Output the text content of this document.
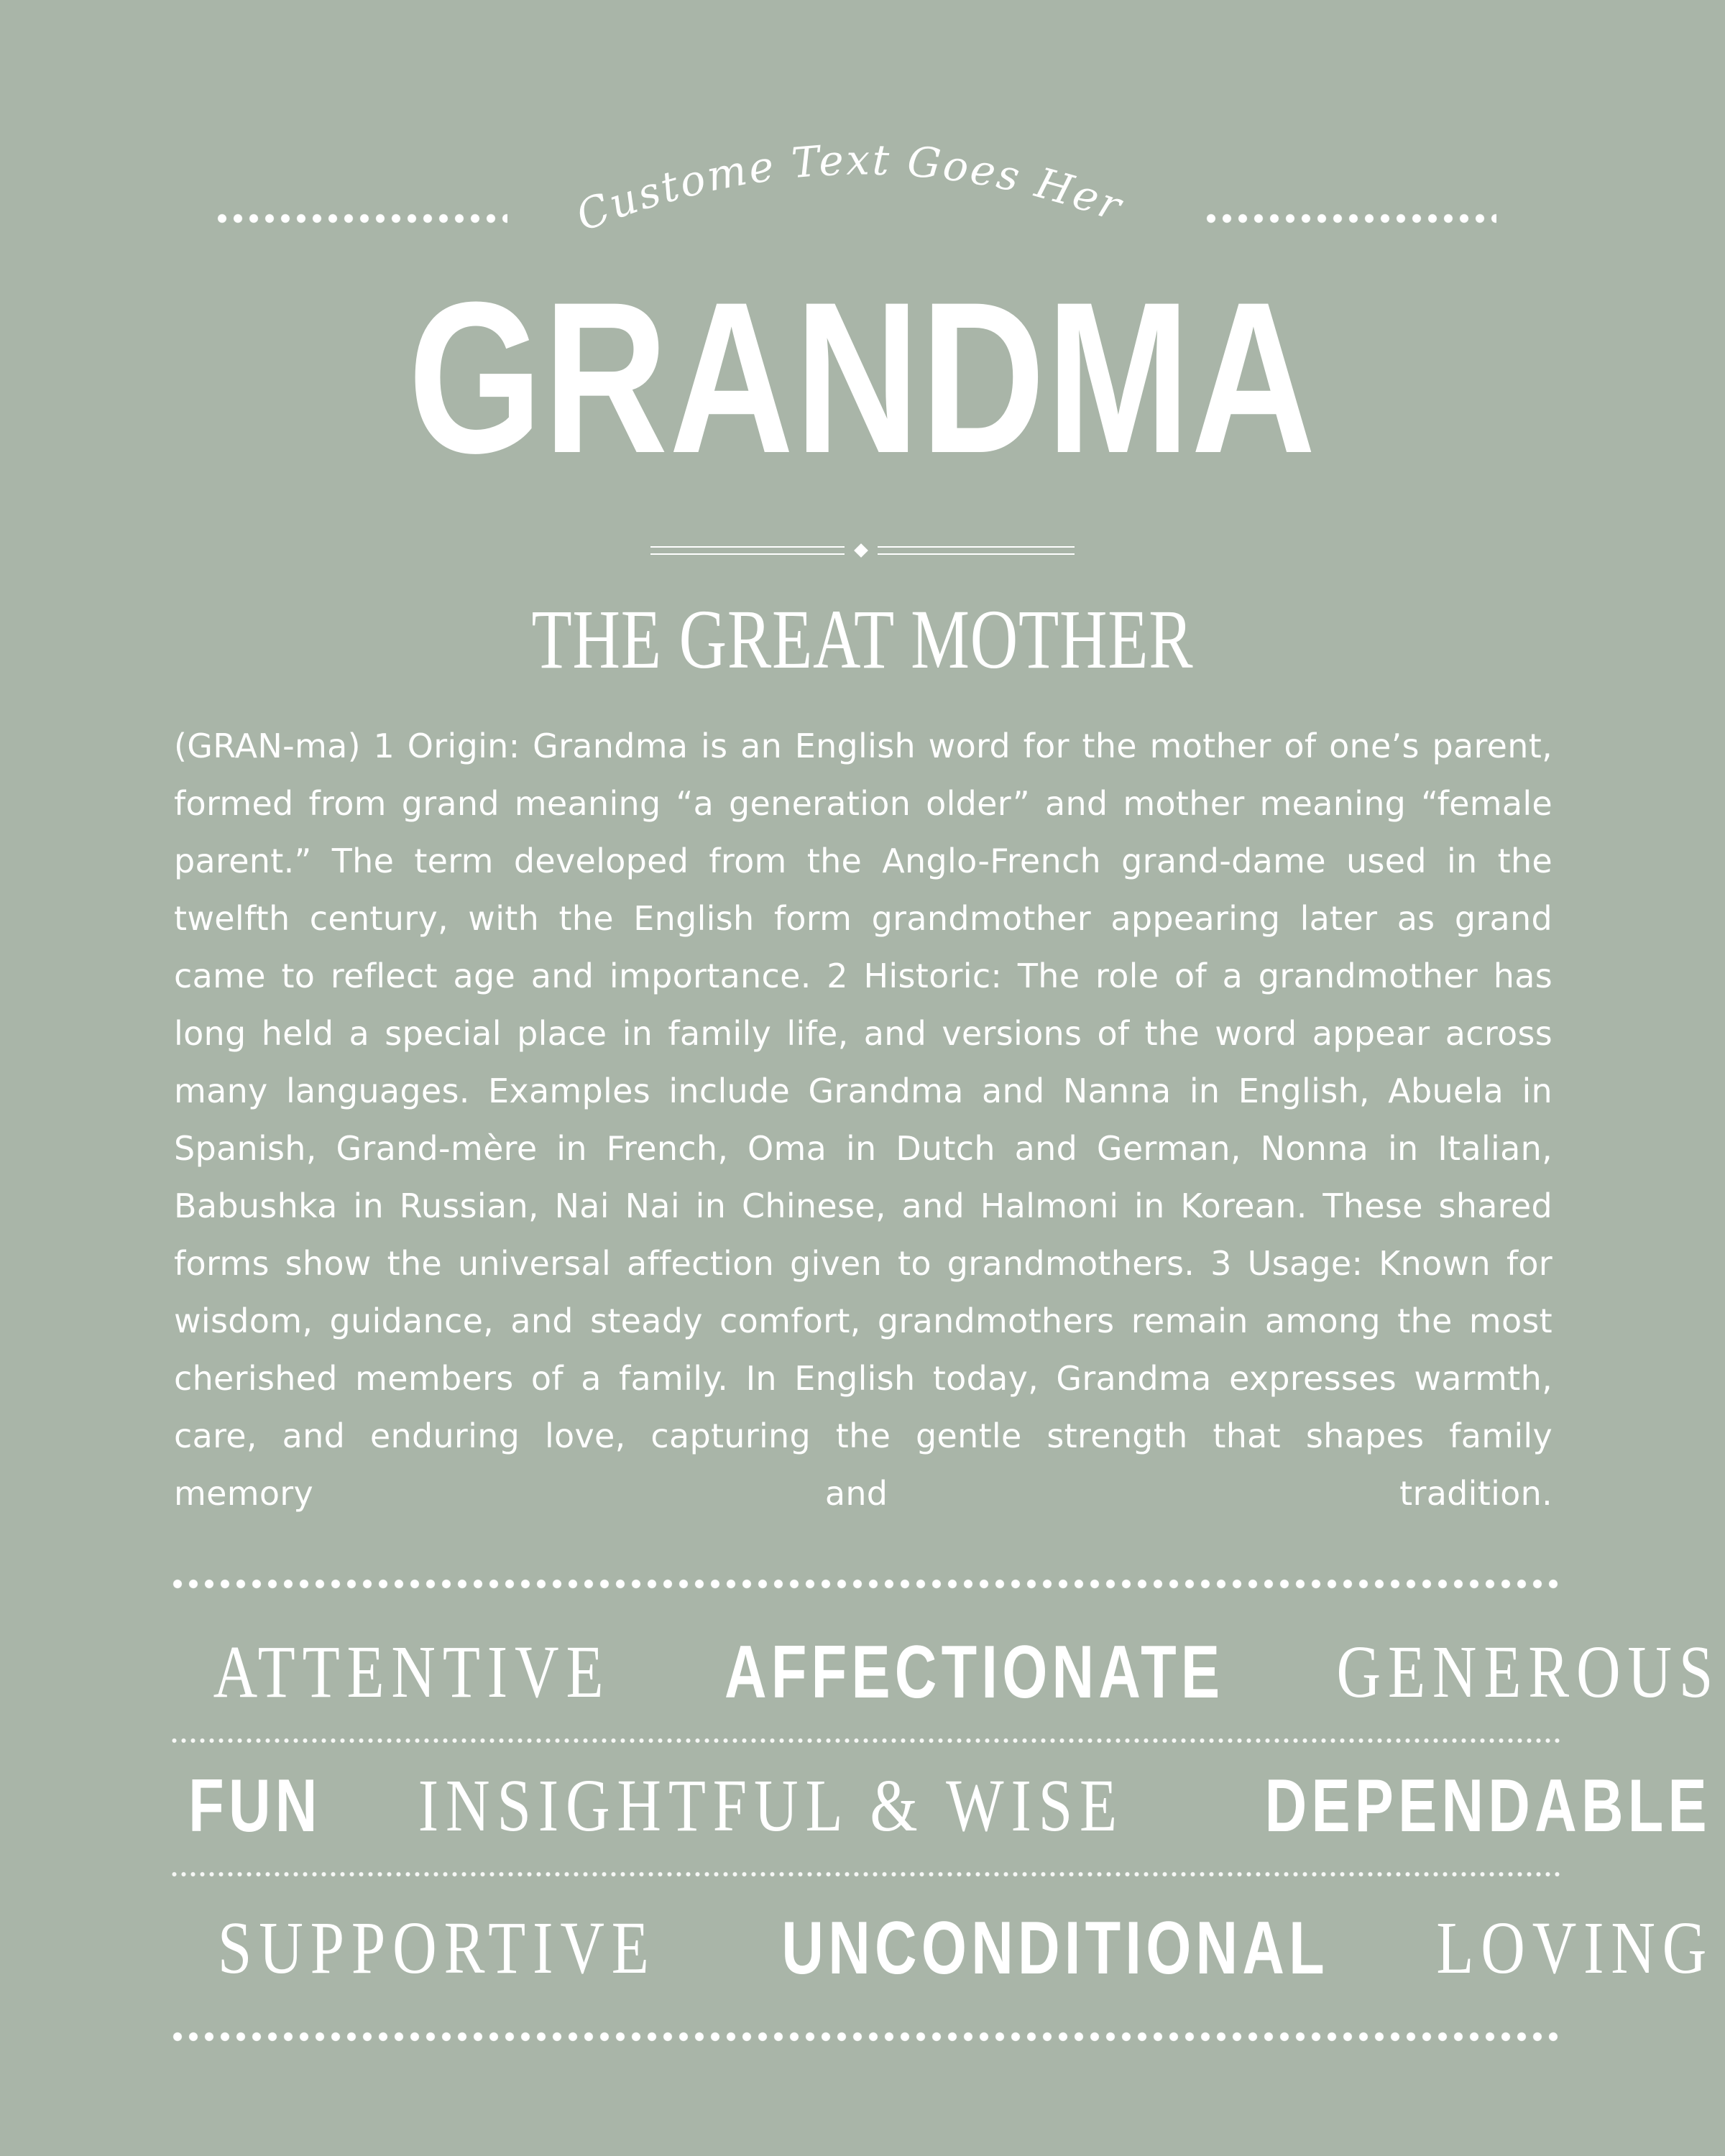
Custome Text Goes Here
GRANDMA
THE GREAT MOTHER
(GRAN-ma) 1 Origin: Grandma is an English word for the mother of one’s parent, formed from grand meaning “a generation older” and mother meaning “female parent.” The term developed from the Anglo-French grand-dame used in the twelfth century, with the English form grandmother appearing later as grand came to reflect age and importance. 2 Historic: The role of a grandmother has long held a special place in family life, and versions of the word appear across many languages. Examples include Grandma and Nanna in English, Abuela in Spanish, Grand-mère in French, Oma in Dutch and German, Nonna in Italian, Babushka in Russian, Nai Nai in Chinese, and Halmoni in Korean. These shared forms show the universal affection given to grandmothers. 3 Usage: Known for wisdom, guidance, and steady comfort, grandmothers remain among the most cherished members of a family. In English today, Grandma expresses warmth, care, and enduring love, capturing the gentle strength that shapes family memory and tradition.
ATTENTIVE AFFECTIONATE GENEROUS
FUN INSIGHTFUL & WISE DEPENDABLE
SUPPORTIVE UNCONDITIONAL LOVING
